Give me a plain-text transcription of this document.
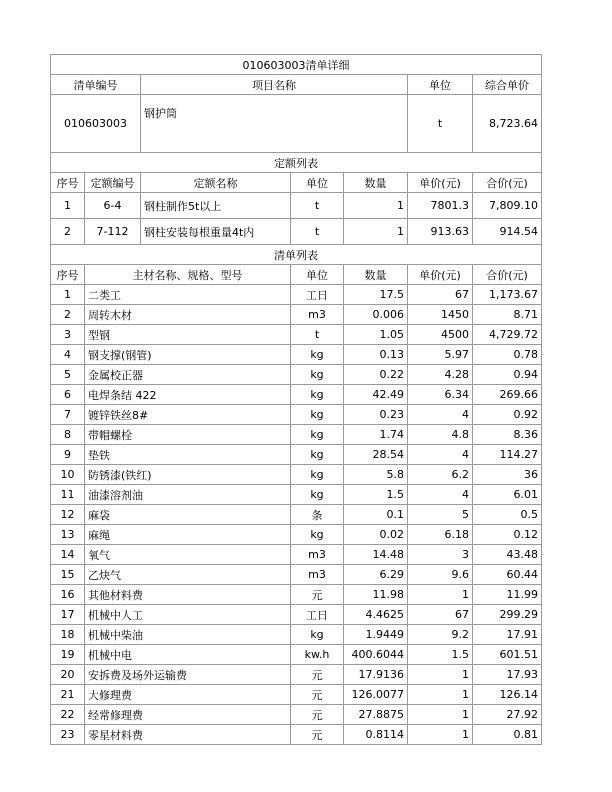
010603003清单详细						
清单编号		项目名称			单位	综合单价
010603003		钢护筒			t	8,723.64
定额列表						
序号	定额编号	定额名称	单位	数量	单价(元)	合价(元)
1	6-4	钢柱制作5t以上	t	1	7801.3	7,809.10
2	7-112	钢柱安装每根重量4t内	t	1	913.63	914.54
清单列表						
序号	主材名称、规格、型号		单位	数量	单价(元)	合价(元)
1	二类工		工日	17.5	67	1,173.67
2	周转木材		m3	0.006	1450	8.71
3	型钢		t	1.05	4500	4,729.72
4	钢支撑(钢管)		kg	0.13	5.97	0.78
5	金属校正器		kg	0.22	4.28	0.94
6	电焊条结 422		kg	42.49	6.34	269.66
7	镀锌铁丝8#		kg	0.23	4	0.92
8	带帽螺栓		kg	1.74	4.8	8.36
9	垫铁		kg	28.54	4	114.27
10	防锈漆(铁红)		kg	5.8	6.2	36
11	油漆溶剂油		kg	1.5	4	6.01
12	麻袋		条	0.1	5	0.5
13	麻绳		kg	0.02	6.18	0.12
14	氧气		m3	14.48	3	43.48
15	乙炔气		m3	6.29	9.6	60.44
16	其他材料费		元	11.98	1	11.99
17	机械中人工		工日	4.4625	67	299.29
18	机械中柴油		kg	1.9449	9.2	17.91
19	机械中电		kw.h	400.6044	1.5	601.51
20	安拆费及场外运输费		元	17.9136	1	17.93
21	大修理费		元	126.0077	1	126.14
22	经常修理费		元	27.8875	1	27.92
23	零星材料费		元	0.8114	1	0.81
